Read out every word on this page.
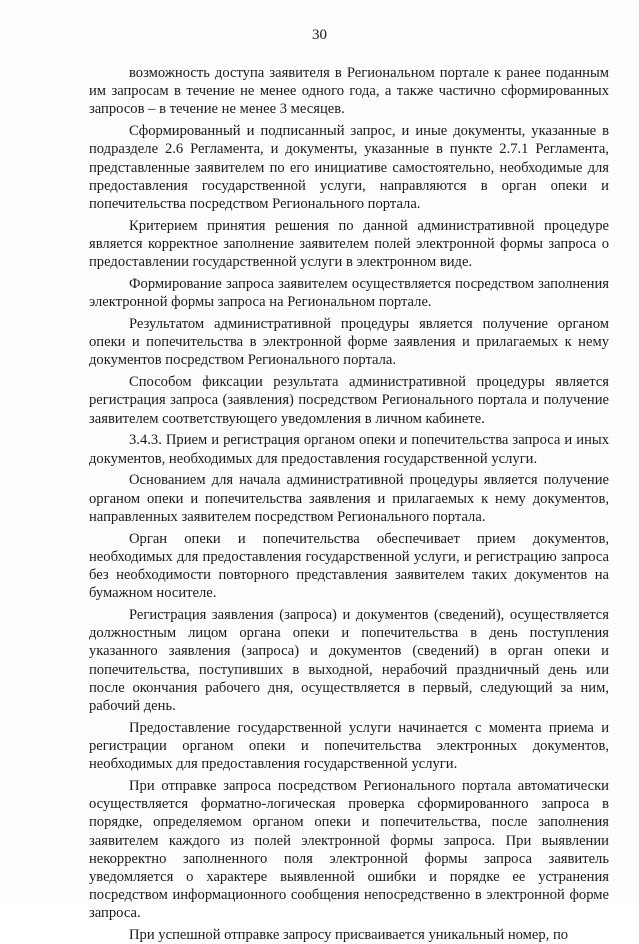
30

возможность доступа заявителя в Региональном портале к ранее поданным им запросам в течение не менее одного года, а также частично сформированных запросов – в течение не менее 3 месяцев.

Сформированный и подписанный запрос, и иные документы, указанные в подразделе 2.6 Регламента, и документы, указанные в пункте 2.7.1 Регламента, представленные заявителем по его инициативе самостоятельно, необходимые для предоставления государственной услуги, направляются в орган опеки и попечительства посредством Регионального портала.

Критерием принятия решения по данной административной процедуре является корректное заполнение заявителем полей электронной формы запроса о предоставлении государственной услуги в электронном виде.

Формирование запроса заявителем осуществляется посредством заполнения электронной формы запроса на Региональном портале.

Результатом административной процедуры является получение органом опеки и попечительства в электронной форме заявления и прилагаемых к нему документов посредством Регионального портала.

Способом фиксации результата административной процедуры является регистрация запроса (заявления) посредством Регионального портала и получение заявителем соответствующего уведомления в личном кабинете.

3.4.3. Прием и регистрация органом опеки и попечительства запроса и иных документов, необходимых для предоставления государственной услуги.

Основанием для начала административной процедуры является получение органом опеки и попечительства заявления и прилагаемых к нему документов, направленных заявителем посредством Регионального портала.

Орган опеки и попечительства обеспечивает прием документов, необходимых для предоставления государственной услуги, и регистрацию запроса без необходимости повторного представления заявителем таких документов на бумажном носителе.

Регистрация заявления (запроса) и документов (сведений), осуществляется должностным лицом органа опеки и попечительства в день поступления указанного заявления (запроса) и документов (сведений) в орган опеки и попечительства, поступивших в выходной, нерабочий праздничный день или после окончания рабочего дня, осуществляется в первый, следующий за ним, рабочий день.

Предоставление государственной услуги начинается с момента приема и регистрации органом опеки и попечительства электронных документов, необходимых для предоставления государственной услуги.

При отправке запроса посредством Регионального портала автоматически осуществляется форматно-логическая проверка сформированного запроса в порядке, определяемом органом опеки и попечительства, после заполнения заявителем каждого из полей электронной формы запроса. При выявлении некорректно заполненного поля электронной формы запроса заявитель уведомляется о характере выявленной ошибки и порядке ее устранения посредством информационного сообщения непосредственно в электронной форме запроса.

При успешной отправке запросу присваивается уникальный номер, по
